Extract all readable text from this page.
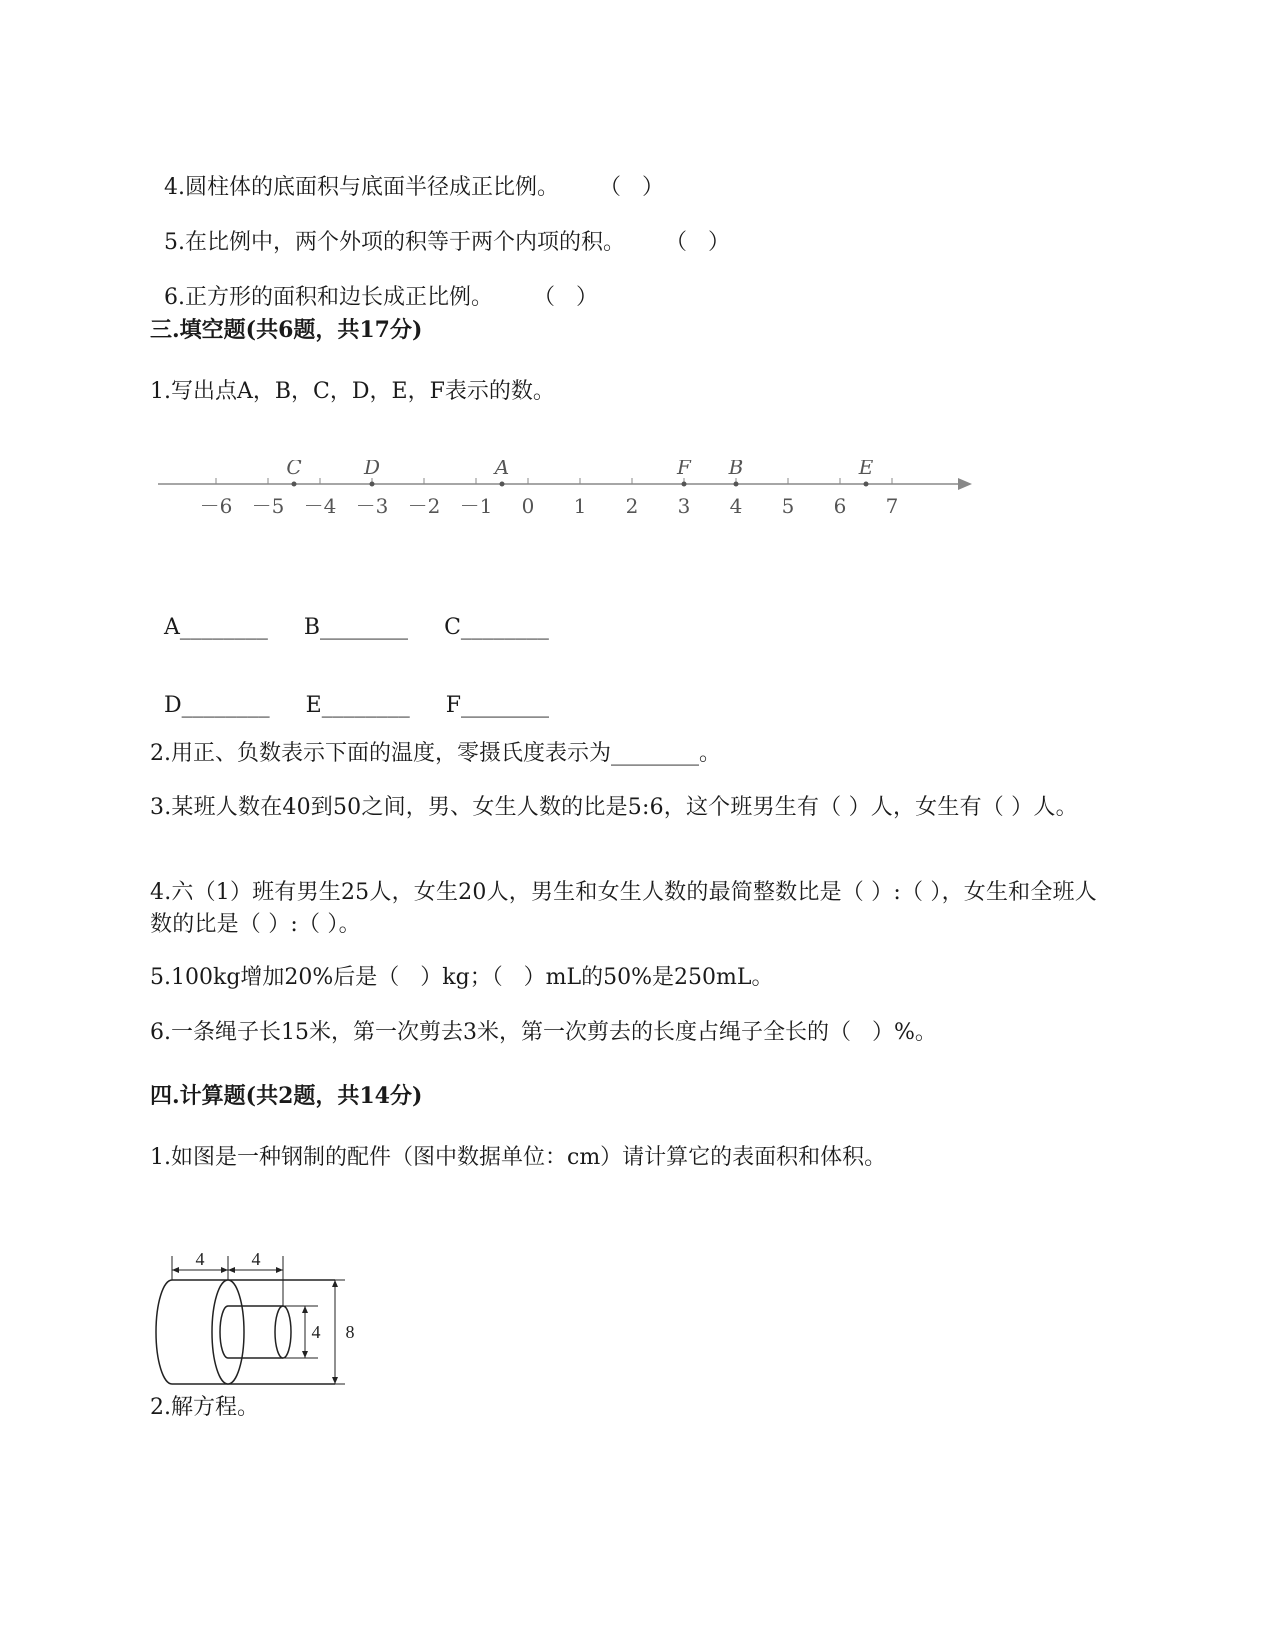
4.圆柱体的底面积与底面半径成正比例。 （   ）

5.在比例中，两个外项的积等于两个内项的积。 （   ）

6.正方形的面积和边长成正比例。 （   ）

三.填空题(共6题，共17分)
1.写出点A，B，C，D，E，F表示的数。
－6 －5 －4 －3 －2 －1 0 1 2 3 4 5 6 7
C	D	A	F B	E

A________ B________ C________

D________ E________ F________

2.用正、负数表示下面的温度，零摄氏度表示为________。
3.某班人数在40到50之间，男、女生人数的比是5:6，这个班男生有（ ）人，女生有（ ）人。
4.六（1）班有男生25人，女生20人，男生和女生人数的最简整数比是（ ）:（ ），女生和全班人数的比是（ ）:（ ）。
5.100kg增加20%后是（   ）kg；（   ）mL的50%是250mL。
6.一条绳子长15米，第一次剪去3米，第一次剪去的长度占绳子全长的（   ）%。
四.计算题(共2题，共14分)
1.如图是一种钢制的配件（图中数据单位：cm）请计算它的表面积和体积。
4	4
4 8
2.解方程。
